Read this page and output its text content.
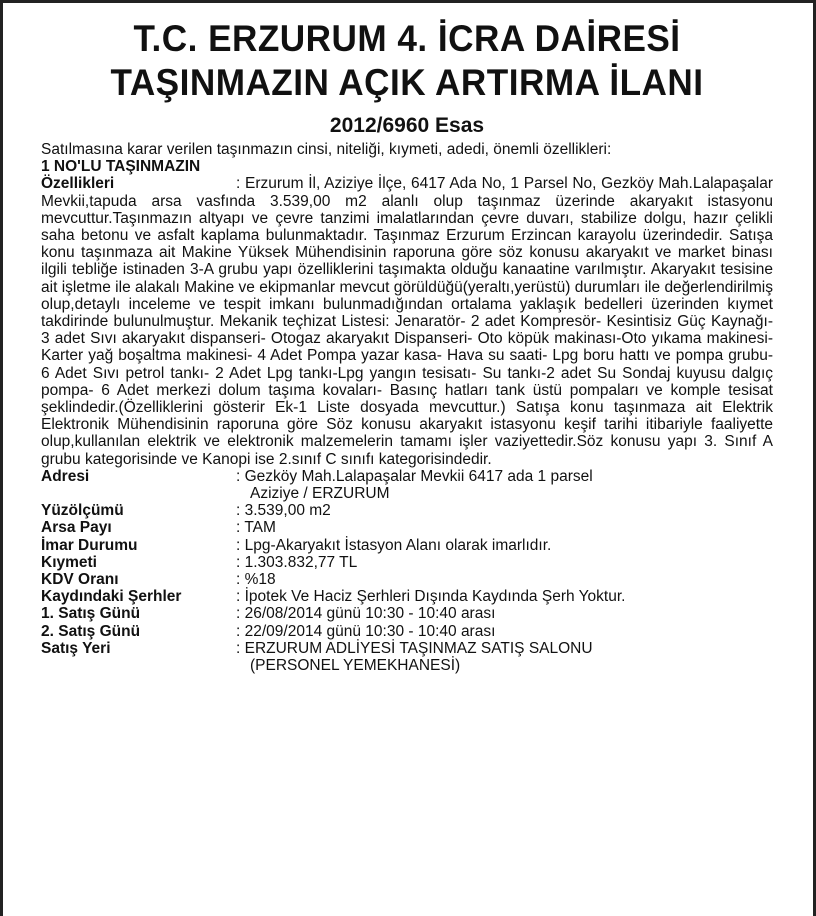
T.C. ERZURUM 4. İCRA DAİRESİ
TAŞINMAZIN AÇIK ARTIRMA İLANI
2012/6960 Esas

Satılmasına karar verilen taşınmazın cinsi, niteliği, kıymeti, adedi, önemli özellikleri:

1 NO'LU TAŞINMAZIN

Özellikleri	: Erzurum İl, Aziziye İlçe, 6417 Ada No, 1 Parsel No, Gezköy Mah.Lalapaşalar Mevkii,tapuda arsa vasfında 3.539,00 m2 alanlı olup taşınmaz üzerinde akaryakıt istasyonu mevcuttur.Taşınmazın altyapı ve çevre tanzimi imalatlarından çevre duvarı, stabilize dolgu, hazır çelikli saha betonu ve asfalt kaplama bulunmaktadır. Taşınmaz Erzurum Erzincan karayolu üzerindedir. Satışa konu taşınmaza ait Makine Yüksek Mühendisinin raporuna göre söz konusu akaryakıt ve market binası ilgili tebliğe istinaden 3-A grubu yapı özelliklerini taşımakta olduğu kanaatine varılmıştır. Akaryakıt tesisine ait işletme ile alakalı Makine ve ekipmanlar mevcut görüldüğü(yeraltı,yerüstü) durumları ile değerlendirilmiş olup,detaylı inceleme ve tespit imkanı bulunmadığından ortalama yaklaşık bedelleri üzerinden kıymet takdirinde bulunulmuştur. Mekanik teçhizat Listesi: Jenaratör- 2 adet Kompresör- Kesintisiz Güç Kaynağı- 3 adet Sıvı akaryakıt dispanseri- Otogaz akaryakıt Dispanseri- Oto köpük makinası-Oto yıkama makinesi-Karter yağ boşaltma makinesi- 4 Adet Pompa yazar kasa- Hava su saati- Lpg boru hattı ve pompa grubu- 6 Adet Sıvı petrol tankı- 2 Adet Lpg tankı-Lpg yangın tesisatı- Su tankı-2 adet Su Sondaj kuyusu dalgıç pompa- 6 Adet merkezi dolum taşıma kovaları- Basınç hatları tank üstü pompaları ve komple tesisat şeklindedir.(Özelliklerini gösterir Ek-1 Liste dosyada mevcuttur.) Satışa konu taşınmaza ait Elektrik Elektronik Mühendisinin raporuna göre Söz konusu akaryakıt istasyonu keşif tarihi itibariyle faaliyette olup,kullanılan elektrik ve elektronik malzemelerin tamamı işler vaziyettedir.Söz konusu yapı 3. Sınıf A grubu kategorisinde ve Kanopi ise 2.sınıf C sınıfı kategorisindedir.

Adresi	: Gezköy Mah.Lalapaşalar Mevkii 6417 ada 1 parsel
Aziziye / ERZURUM

Yüzölçümü	: 3.539,00 m2
Arsa Payı	: TAM
İmar Durumu	: Lpg-Akaryakıt İstasyon Alanı olarak imarlıdır.
Kıymeti	: 1.303.832,77 TL
KDV Oranı	: %18
Kaydındaki Şerhler	: İpotek Ve Haciz Şerhleri Dışında Kaydında Şerh Yoktur.
1. Satış Günü	: 26/08/2014 günü 10:30 - 10:40 arası
2. Satış Günü	: 22/09/2014 günü 10:30 - 10:40 arası
Satış Yeri	: ERZURUM ADLİYESİ TAŞINMAZ SATIŞ SALONU
(PERSONEL YEMEKHANESİ)
